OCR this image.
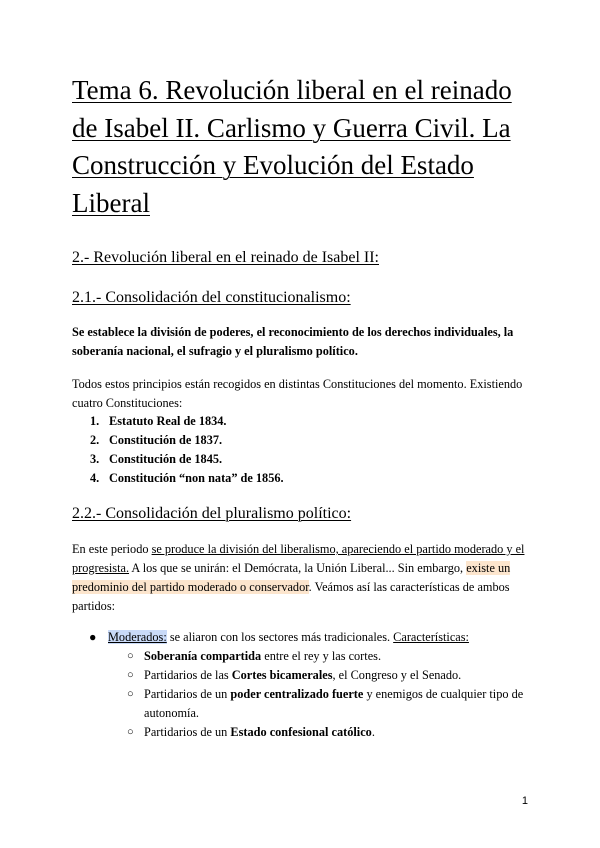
Tema 6. Revolución liberal en el reinado de Isabel II. Carlismo y Guerra Civil. La Construcción y Evolución del Estado Liberal
2.- Revolución liberal en el reinado de Isabel II:
2.1.- Consolidación del constitucionalismo:

Se establece la división de poderes, el reconocimiento de los derechos individuales, la soberanía nacional, el sufragio y el pluralismo político.

Todos estos principios están recogidos en distintas Constituciones del momento. Existiendo cuatro Constituciones:

1. Estatuto Real de 1834.
2. Constitución de 1837.
3. Constitución de 1845.
4. Constitución “non nata” de 1856.
2.2.- Consolidación del pluralismo político:

En este periodo se produce la división del liberalismo, apareciendo el partido moderado y el progresista. A los que se unirán: el Demócrata, la Unión Liberal... Sin embargo, existe un predominio del partido moderado o conservador. Veámos así las características de ambos partidos:

● Moderados: se aliaron con los sectores más tradicionales. Características:
○ Soberanía compartida entre el rey y las cortes.
○ Partidarios de las Cortes bicamerales, el Congreso y el Senado.
○ Partidarios de un poder centralizado fuerte y enemigos de cualquier tipo de autonomía.
○ Partidarios de un Estado confesional católico.
1
